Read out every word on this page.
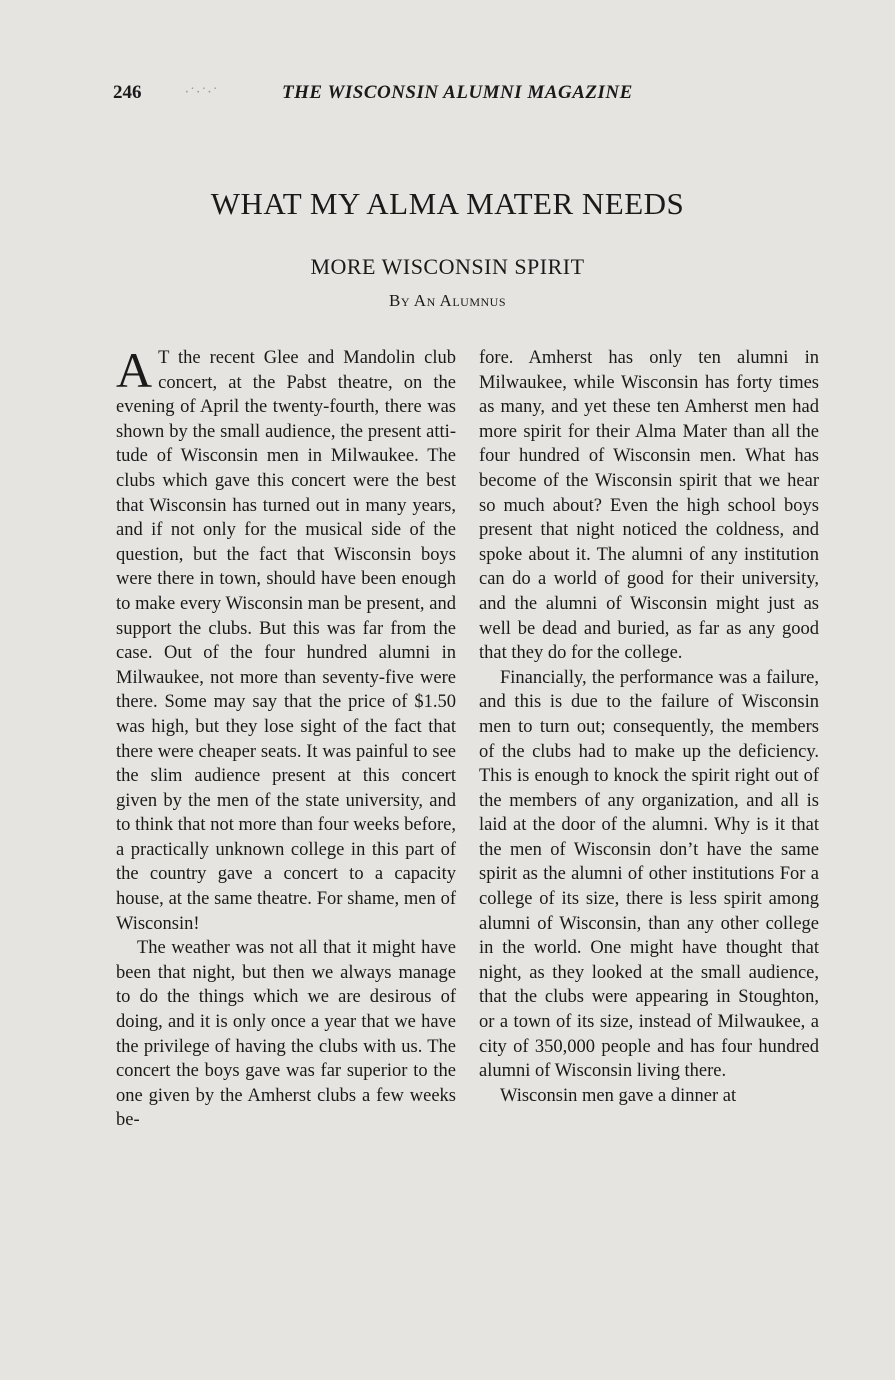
246	·˙·˙·˙	THE WISCONSIN ALUMNI MAGAZINE
WHAT MY ALMA MATER NEEDS
MORE WISCONSIN SPIRIT
By An Alumnus

A T the recent Glee and Mandolin club concert, at the Pabst theatre, on the evening of April the twenty-fourth, there was shown by the small audience, the present attitude of Wisconsin men in Milwaukee. The clubs which gave this concert were the best that Wisconsin has turned out in many years, and if not only for the musical side of the question, but the fact that Wisconsin boys were there in town, should have been enough to make every Wisconsin man be present, and support the clubs. But this was far from the case. Out of the four hundred alumni in Milwaukee, not more than seventy-five were there. Some may say that the price of $1.50 was high, but they lose sight of the fact that there were cheaper seats. It was painful to see the slim audience present at this concert given by the men of the state university, and to think that not more than four weeks before, a practically unknown college in this part of the country gave a concert to a capacity house, at the same theatre. For shame, men of Wisconsin!

The weather was not all that it might have been that night, but then we always manage to do the things which we are desirous of doing, and it is only once a year that we have the privilege of having the clubs with us. The concert the boys gave was far superior to the one given by the Amherst clubs a few weeks be-

fore. Amherst has only ten alumni in Milwaukee, while Wisconsin has forty times as many, and yet these ten Amherst men had more spirit for their Alma Mater than all the four hundred of Wisconsin men. What has become of the Wisconsin spirit that we hear so much about? Even the high school boys present that night noticed the coldness, and spoke about it. The alumni of any institution can do a world of good for their university, and the alumni of Wisconsin might just as well be dead and buried, as far as any good that they do for the college.

Financially, the performance was a failure, and this is due to the failure of Wisconsin men to turn out; consequently, the members of the clubs had to make up the deficiency. This is enough to knock the spirit right out of the members of any organization, and all is laid at the door of the alumni. Why is it that the men of Wisconsin don’t have the same spirit as the alumni of other institutions For a college of its size, there is less spirit among alumni of Wisconsin, than any other college in the world. One might have thought that night, as they looked at the small audience, that the clubs were appearing in Stoughton, or a town of its size, instead of Milwaukee, a city of 350,000 people and has four hundred alumni of Wisconsin living there.

Wisconsin men gave a dinner at
